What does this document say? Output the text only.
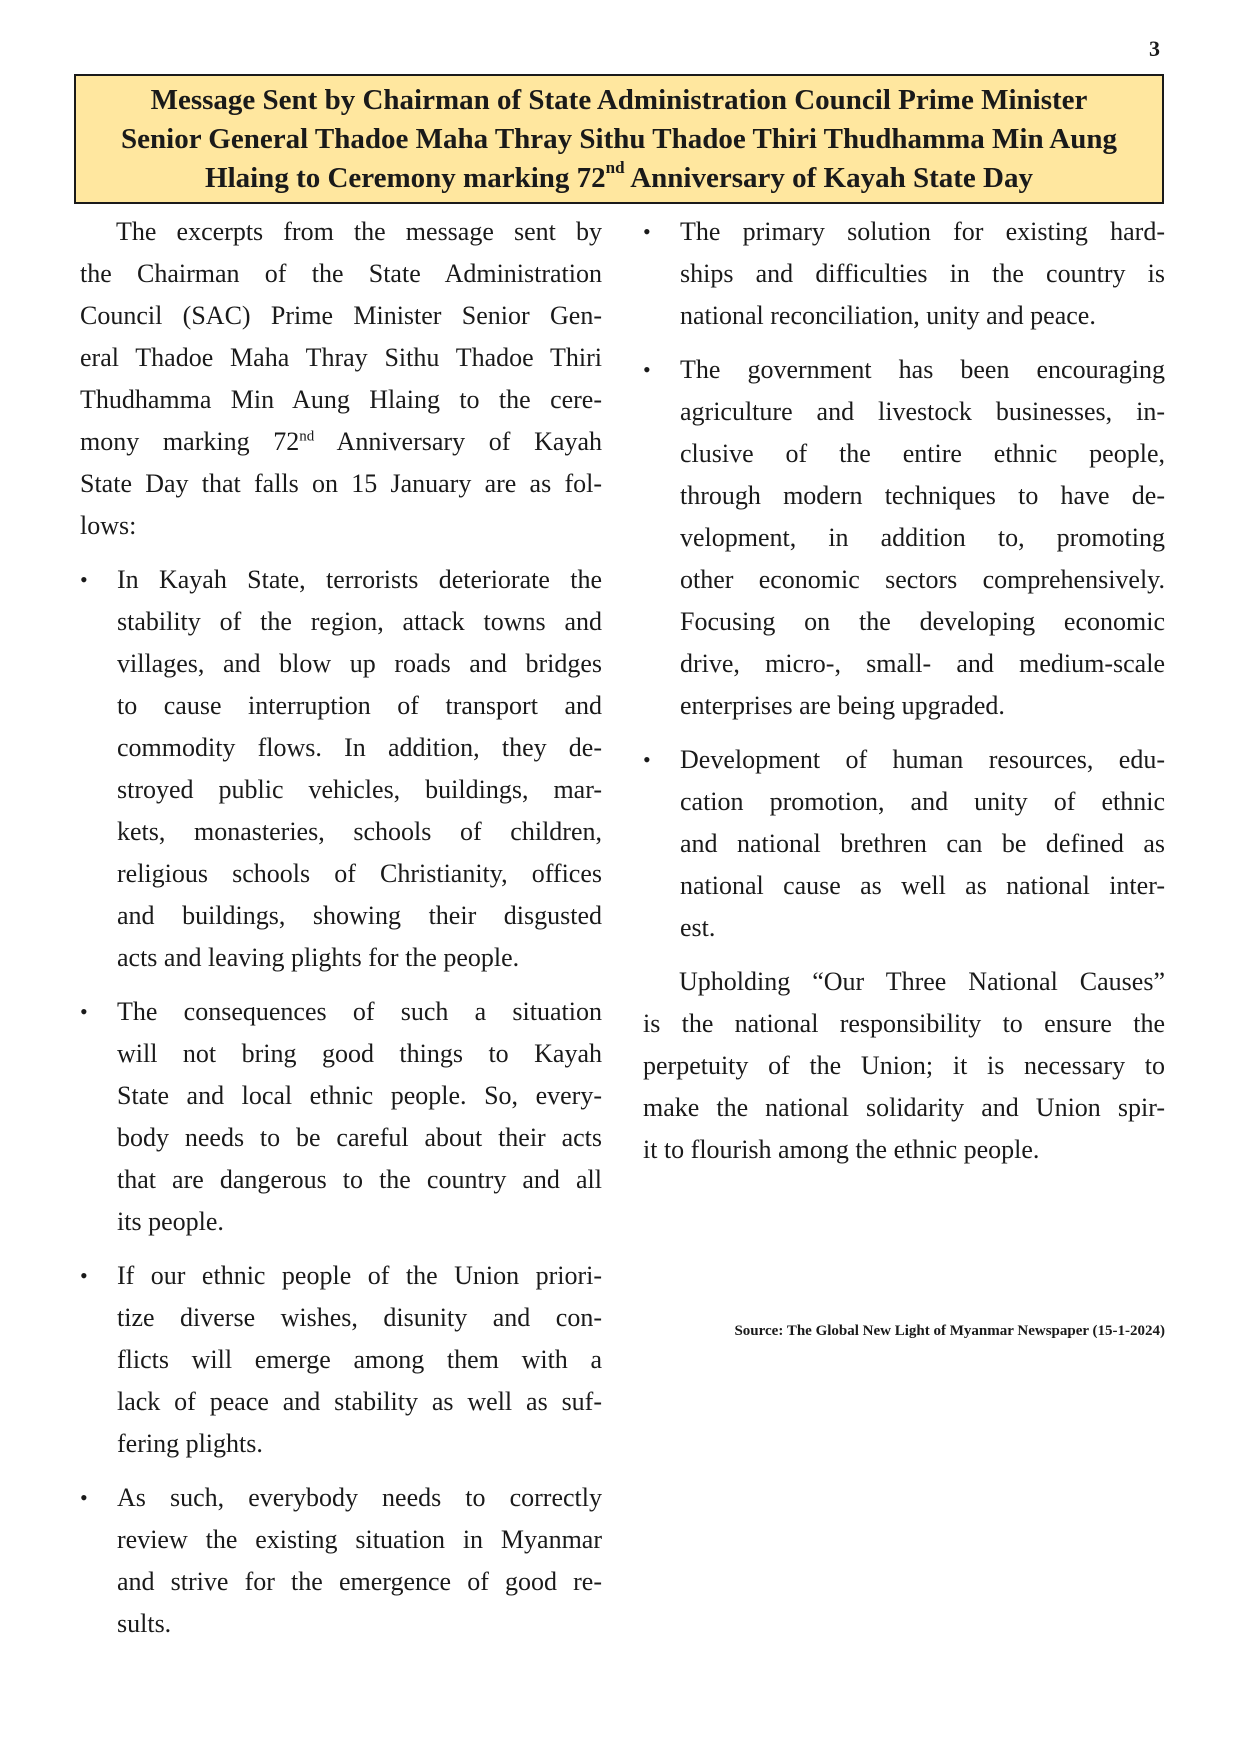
3
Message Sent by Chairman of State Administration Council Prime Minister
Senior General Thadoe Maha Thray Sithu Thadoe Thiri Thudhamma Min Aung
Hlaing to Ceremony marking 72nd Anniversary of Kayah State Day
The excerpts from the message sent by
the Chairman of the State Administration
Council (SAC) Prime Minister Senior Gen-
eral Thadoe Maha Thray Sithu Thadoe Thiri
Thudhamma Min Aung Hlaing to the cere-
mony marking 72nd Anniversary of Kayah
State Day that falls on 15 January are as fol-
lows:
•	In Kayah State, terrorists deteriorate the
stability of the region, attack towns and
villages, and blow up roads and bridges
to cause interruption of transport and
commodity flows. In addition, they de-
stroyed public vehicles, buildings, mar-
kets, monasteries, schools of children,
religious schools of Christianity, offices
and buildings, showing their disgusted
acts and leaving plights for the people.
•	The consequences of such a situation
will not bring good things to Kayah
State and local ethnic people. So, every-
body needs to be careful about their acts
that are dangerous to the country and all
its people.
•	If our ethnic people of the Union priori-
tize diverse wishes, disunity and con-
flicts will emerge among them with a
lack of peace and stability as well as suf-
fering plights.
•	As such, everybody needs to correctly
review the existing situation in Myanmar
and strive for the emergence of good re-
sults.
•	The primary solution for existing hard-
ships and difficulties in the country is
national reconciliation, unity and peace.
•	The government has been encouraging
agriculture and livestock businesses, in-
clusive of the entire ethnic people,
through modern techniques to have de-
velopment, in addition to, promoting
other economic sectors comprehensively.
Focusing on the developing economic
drive, micro-, small- and medium-scale
enterprises are being upgraded.
•	Development of human resources, edu-
cation promotion, and unity of ethnic
and national brethren can be defined as
national cause as well as national inter-
est.
Upholding “Our Three National Causes”
is the national responsibility to ensure the
perpetuity of the Union; it is necessary to
make the national solidarity and Union spir-
it to flourish among the ethnic people.
Source: The Global New Light of Myanmar Newspaper (15-1-2024)
